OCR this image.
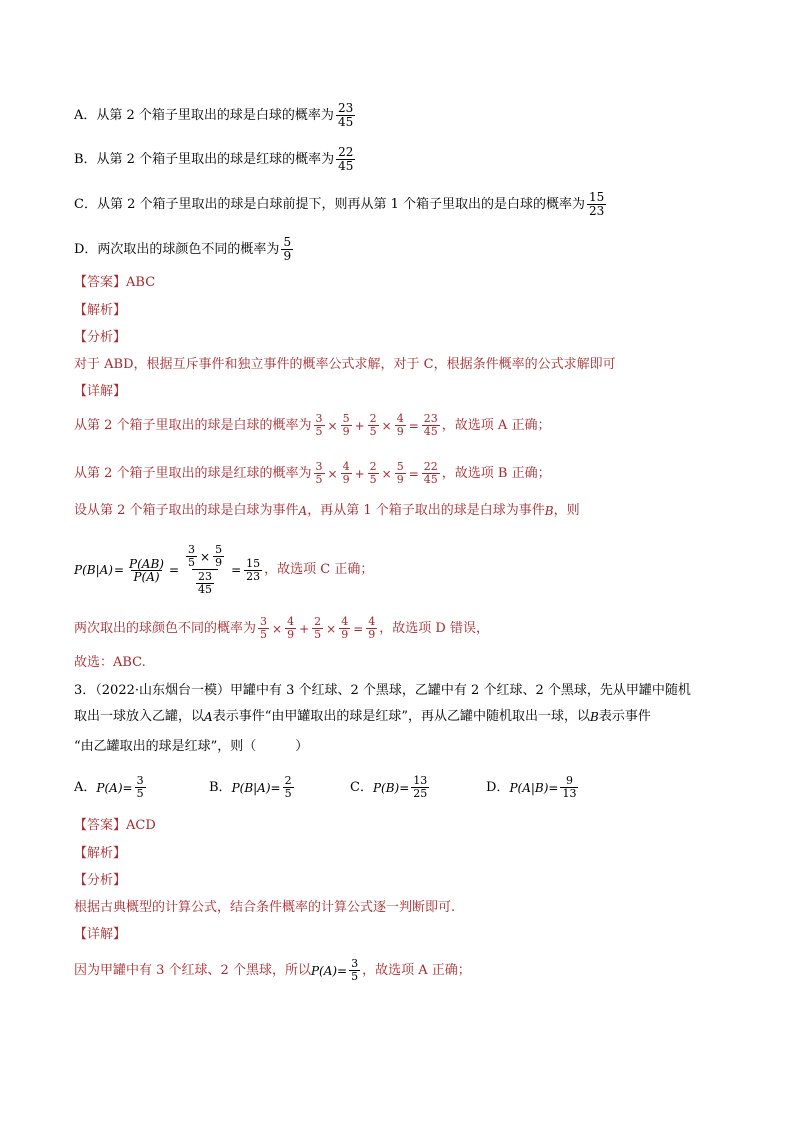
A．从第 2 个箱子里取出的球是白球的概率为 $\frac{23}{45}$
B．从第 2 个箱子里取出的球是红球的概率为 $\frac{22}{45}$
C．从第 2 个箱子里取出的球是白球前提下，则再从第 1 个箱子里取出的是白球的概率为 $\frac{15}{23}$
D．两次取出的球颜色不同的概率为 $\frac{5}{9}$
【答案】 ABC
【解析】
【分析】
对于 ABD，根据互斥事件和独立事件的概率公式求解，对于 C，根据条件概率的公式求解即可
【详解】
从第 2 个箱子里取出的球是白球的概率为 $\frac{3}{5} \times \frac{5}{9} + \frac{2}{5} \times \frac{4}{9} = \frac{23}{45}$ ，故选项 A 正确；
从第 2 个箱子里取出的球是红球的概率为 $\frac{3}{5} \times \frac{4}{9} + \frac{2}{5} \times \frac{5}{9} = \frac{22}{45}$ ，故选项 B 正确；
设从第 2 个箱子取出的球是白球为事件 A ，再从第 1 个箱子取出的球是白球为事件 B ，则
$P(B|A) = \frac{P(AB)}{P(A)} = \frac{\frac{3}{5} \times \frac{5}{9}}{\frac{23}{45}} = \frac{15}{23}$ ，故选项 C 正确；
两次取出的球颜色不同的概率为 $\frac{3}{5} \times \frac{4}{9} + \frac{2}{5} \times \frac{4}{9} = \frac{4}{9}$ ，故选项 D 错误，
故选：ABC.
3．（2022·山东烟台一模）甲罐中有 3 个红球、2 个黑球，乙罐中有 2 个红球、2 个黑球，先从甲罐中随机
取出一球放入乙罐，以 A 表示事件“由甲罐取出的球是红球”，再从乙罐中随机取出一球，以 B 表示事件
“由乙罐取出的球是红球”，则（　　　）
A． $P(A)= \frac{3}{5}$	B． $P(B|A)= \frac{2}{5}$	C． $P(B)= \frac{13}{25}$	D． $P(A|B)= \frac{9}{13}$
【答案】 ACD
【解析】
【分析】
根据古典概型的计算公式，结合条件概率的计算公式逐一判断即可.
【详解】
因为甲罐中有 3 个红球、2 个黑球，所以 $P(A)= \frac{3}{5}$ ，故选项 A 正确；
